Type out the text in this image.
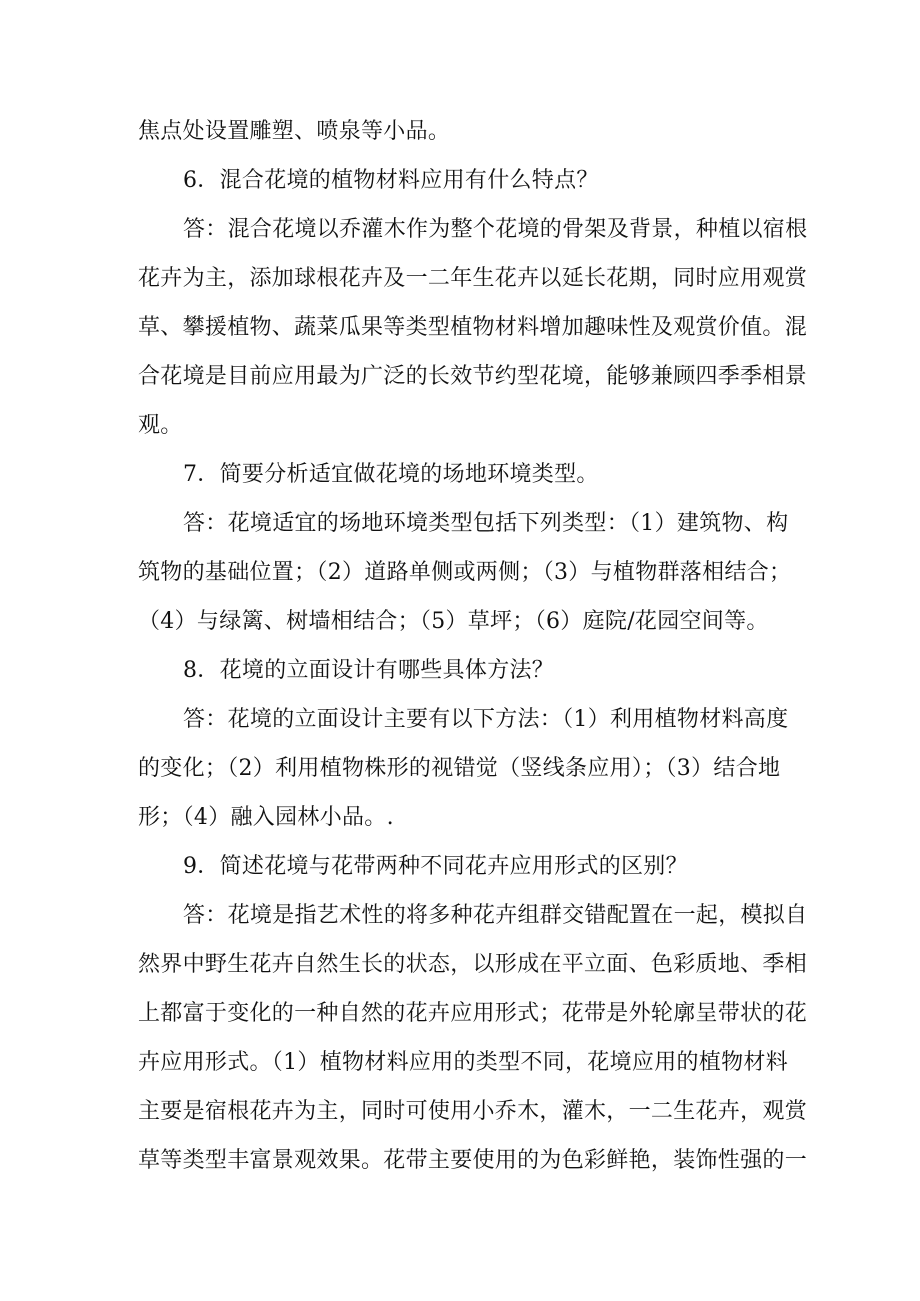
焦点处设置雕塑、喷泉等小品。
6．混合花境的植物材料应用有什么特点？
答：混合花境以乔灌木作为整个花境的骨架及背景，种植以宿根
花卉为主，添加球根花卉及一二年生花卉以延长花期，同时应用观赏
草、攀援植物、蔬菜瓜果等类型植物材料增加趣味性及观赏价值。混
合花境是目前应用最为广泛的长效节约型花境，能够兼顾四季季相景
观。
7．简要分析适宜做花境的场地环境类型。
答：花境适宜的场地环境类型包括下列类型：（1）建筑物、构
筑物的基础位置；（2）道路单侧或两侧；（3）与植物群落相结合；
（4）与绿篱、树墙相结合；（5）草坪；（6）庭院/花园空间等。
8．花境的立面设计有哪些具体方法？
答：花境的立面设计主要有以下方法：（1）利用植物材料高度
的变化；（2）利用植物株形的视错觉（竖线条应用）；（3）结合地
形；（4）融入园林小品。.
9．简述花境与花带两种不同花卉应用形式的区别？
答：花境是指艺术性的将多种花卉组群交错配置在一起，模拟自
然界中野生花卉自然生长的状态，以形成在平立面、色彩质地、季相
上都富于变化的一种自然的花卉应用形式；花带是外轮廓呈带状的花
卉应用形式。（1）植物材料应用的类型不同，花境应用的植物材料
主要是宿根花卉为主，同时可使用小乔木，灌木，一二生花卉，观赏
草等类型丰富景观效果。花带主要使用的为色彩鲜艳，装饰性强的一
